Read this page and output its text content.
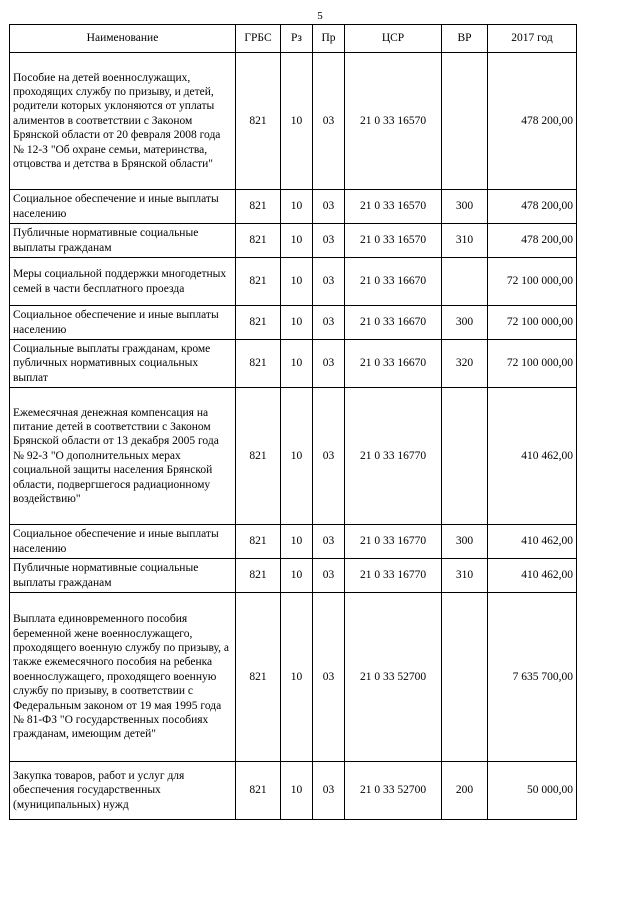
5
Наименование	ГРБС	Рз	Пр	ЦСР	ВР	2017 год
Пособие на детей военнослужащих, проходящих службу по призыву, и детей, родители которых уклоняются от уплаты алиментов в соответствии с Законом Брянской области от 20 февраля 2008 года № 12-З "Об охране семьи, материнства, отцовства и детства в Брянской области"	821	10	03	21 0 33 16570		478 200,00
Социальное обеспечение и иные выплаты населению	821	10	03	21 0 33 16570	300	478 200,00
Публичные нормативные социальные выплаты гражданам	821	10	03	21 0 33 16570	310	478 200,00
Меры социальной поддержки многодетных семей в части бесплатного проезда	821	10	03	21 0 33 16670		72 100 000,00
Социальное обеспечение и иные выплаты населению	821	10	03	21 0 33 16670	300	72 100 000,00
Социальные выплаты гражданам, кроме публичных нормативных социальных выплат	821	10	03	21 0 33 16670	320	72 100 000,00
Ежемесячная денежная компенсация на питание детей в соответствии с Законом Брянской области от 13 декабря 2005 года № 92-З "О дополнительных мерах социальной защиты населения Брянской области, подвергшегося радиационному воздействию"	821	10	03	21 0 33 16770		410 462,00
Социальное обеспечение и иные выплаты населению	821	10	03	21 0 33 16770	300	410 462,00
Публичные нормативные социальные выплаты гражданам	821	10	03	21 0 33 16770	310	410 462,00
Выплата единовременного пособия беременной жене военнослужащего, проходящего военную службу по призыву, а также ежемесячного пособия на ребенка военнослужащего, проходящего военную службу по призыву, в соответствии с Федеральным законом от 19 мая 1995 года № 81-ФЗ "О государственных пособиях гражданам, имеющим детей"	821	10	03	21 0 33 52700		7 635 700,00
Закупка товаров, работ и услуг для обеспечения государственных (муниципальных) нужд	821	10	03	21 0 33 52700	200	50 000,00
